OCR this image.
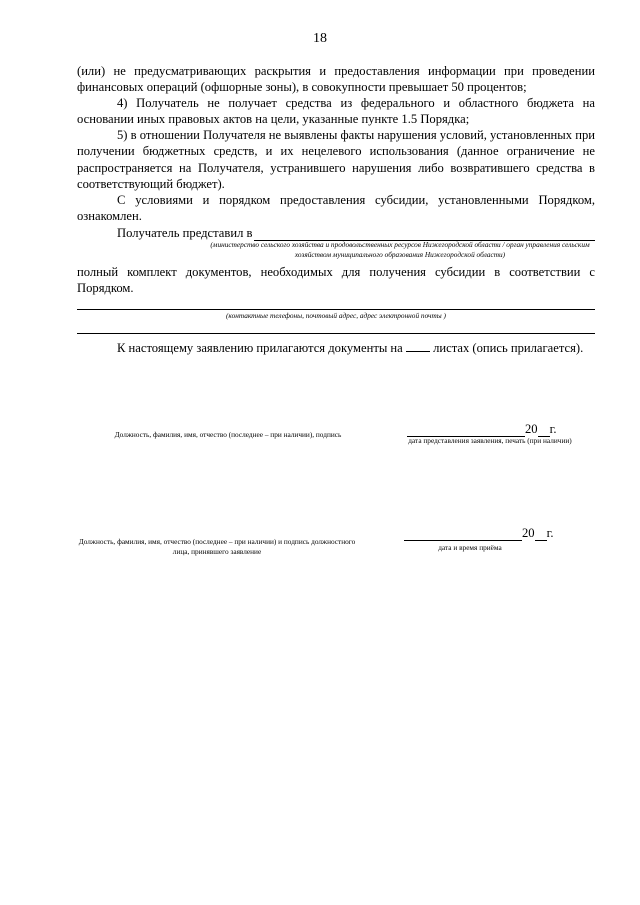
18
(или) не предусматривающих раскрытия и предоставления информации при проведении финансовых операций (офшорные зоны), в совокупности превышает 50 процентов;
4) Получатель не получает средства из федерального и областного бюджета на основании иных правовых актов на цели, указанные пункте 1.5 Порядка;
5) в отношении Получателя не выявлены факты нарушения условий, установленных при получении бюджетных средств, и их нецелевого использования (данное ограничение не распространяется на Получателя, устранившего нарушения либо возвратившего средства в соответствующий бюджет).
С условиями и порядком предоставления субсидии, установленными Порядком, ознакомлен.
Получатель представил в
(министерство сельского хозяйства и продовольственных ресурсов Нижегородской области / орган управления сельским хозяйством муниципального образования Нижегородской области)
полный комплект документов, необходимых для получения субсидии в соответствии с Порядком.
(контактные телефоны, почтовый адрес, адрес электронной почты )
К настоящему заявлению прилагаются документы на листах (опись прилагается).
Должность, фамилия, имя, отчество (последнее – при наличии), подпись	20 г.
дата представления заявления, печать (при наличии)
Должность, фамилия, имя, отчество (последнее – при наличии) и подпись должностного лица, принявшего заявление
20 г.
дата и время приёма
